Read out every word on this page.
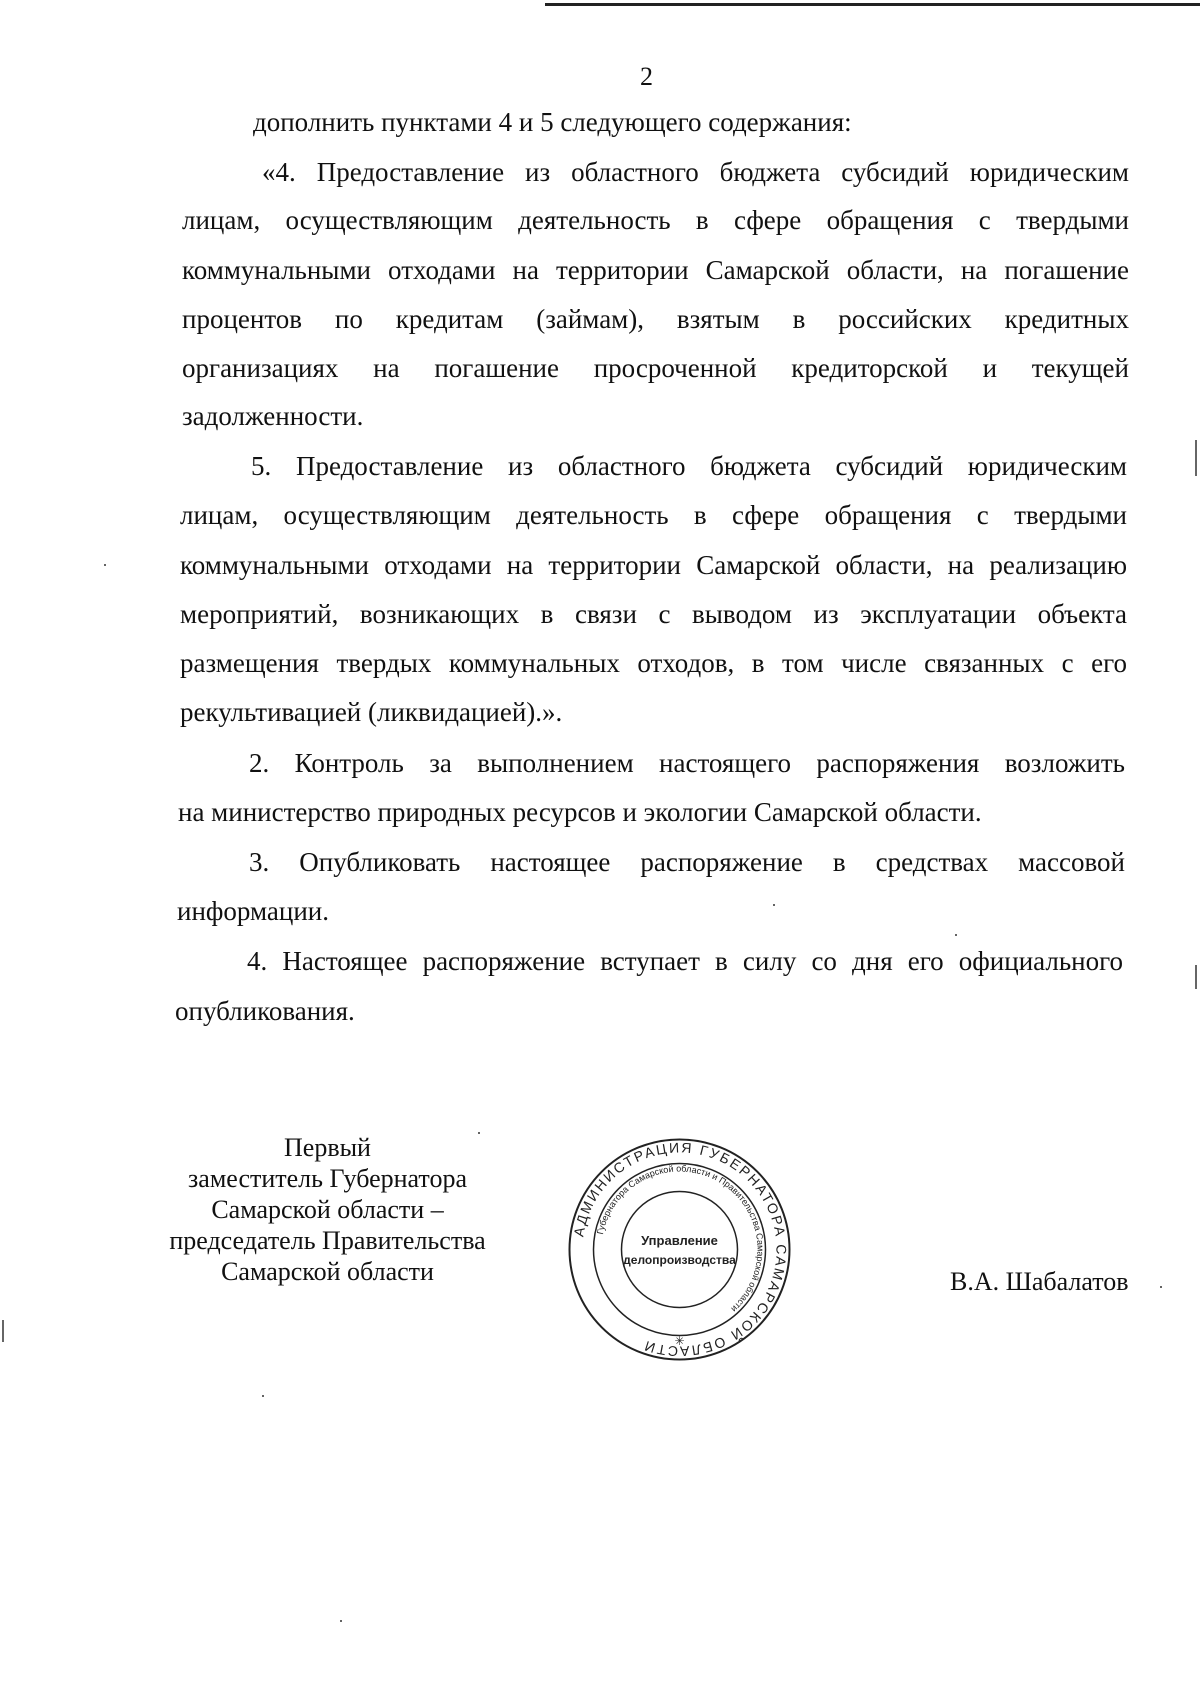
2
дополнить пунктами 4 и 5 следующего содержания:
«4. Предоставление из областного бюджета субсидий юридическим
лицам, осуществляющим деятельность в сфере обращения с твердыми
коммунальными отходами на территории Самарской области, на погашение
процентов по кредитам (займам), взятым в российских кредитных
организациях на погашение просроченной кредиторской и текущей
задолженности.
5. Предоставление из областного бюджета субсидий юридическим
лицам, осуществляющим деятельность в сфере обращения с твердыми
коммунальными отходами на территории Самарской области, на реализацию
мероприятий, возникающих в связи с выводом из эксплуатации объекта
размещения твердых коммунальных отходов, в том числе связанных с его
рекультивацией (ликвидацией).».
2. Контроль за выполнением настоящего распоряжения возложить
на министерство природных ресурсов и экологии Самарской области.
3. Опубликовать настоящее распоряжение в средствах массовой
информации.
4. Настоящее распоряжение вступает в силу со дня его официального
опубликования.
Первый
заместитель Губернатора
Самарской области –
председатель Правительства
Самарской области	В.А. Шабалатов
АДМИНИСТРАЦИЯ ГУБЕРНАТОРА САМАРСКОЙ ОБЛАСТИ
Губернатора Самарской области и Правительства Самарской области
Управление
делопроизводства
✳
